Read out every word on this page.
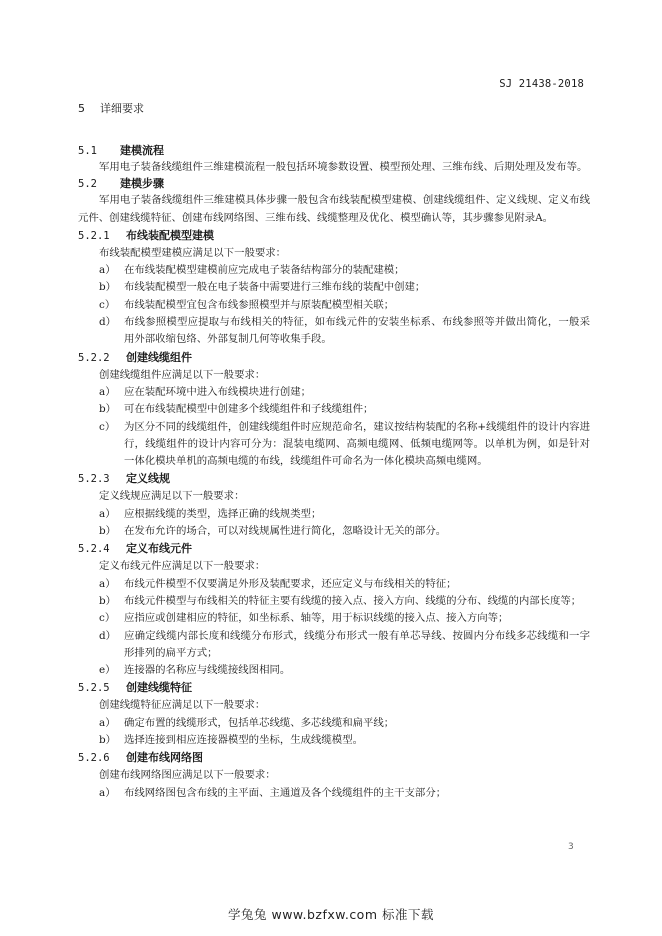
SJ 21438-2018
5 详细要求
5.1 建模流程
军用电子装备线缆组件三维建模流程一般包括环境参数设置、模型预处理、三维布线、后期处理及发布等。
5.2 建模步骤
军用电子装备线缆组件三维建模具体步骤一般包含布线装配模型建模、创建线缆组件、定义线规、定义布线元件、创建线缆特征、创建布线网络图、三维布线、线缆整理及优化、模型确认等，其步骤参见附录A。
5.2.1 布线装配模型建模
布线装配模型建模应满足以下一般要求：
a） 在布线装配模型建模前应完成电子装备结构部分的装配建模；
b） 布线装配模型一般在电子装备中需要进行三维布线的装配中创建；
c） 布线装配模型宜包含布线参照模型并与原装配模型相关联；
d） 布线参照模型应提取与布线相关的特征，如布线元件的安装坐标系、布线参照等并做出简化，一般采用外部收缩包络、外部复制几何等收集手段。
5.2.2 创建线缆组件
创建线缆组件应满足以下一般要求：
a） 应在装配环境中进入布线模块进行创建；
b） 可在布线装配模型中创建多个线缆组件和子线缆组件；
c） 为区分不同的线缆组件，创建线缆组件时应规范命名，建议按结构装配的名称+线缆组件的设计内容进行，线缆组件的设计内容可分为：混装电缆网、高频电缆网、低频电缆网等。以单机为例，如是针对一体化模块单机的高频电缆的布线，线缆组件可命名为一体化模块高频电缆网。
5.2.3 定义线规
定义线规应满足以下一般要求：
a） 应根据线缆的类型，选择正确的线规类型；
b） 在发布允许的场合，可以对线规属性进行简化，忽略设计无关的部分。
5.2.4 定义布线元件
定义布线元件应满足以下一般要求：
a） 布线元件模型不仅要满足外形及装配要求，还应定义与布线相关的特征；
b） 布线元件模型与布线相关的特征主要有线缆的接入点、接入方向、线缆的分布、线缆的内部长度等；
c） 应指应或创建相应的特征，如坐标系、轴等，用于标识线缆的接入点、接入方向等；
d） 应确定线缆内部长度和线缆分布形式，线缆分布形式一般有单芯导线、按圆内分布线多芯线缆和一字形排列的扁平方式；
e） 连接器的名称应与线缆接线图相同。
5.2.5 创建线缆特征
创建线缆特征应满足以下一般要求：
a） 确定布置的线缆形式，包括单芯线缆、多芯线缆和扁平线；
b） 选择连接到相应连接器模型的坐标，生成线缆模型。
5.2.6 创建布线网络图
创建布线网络图应满足以下一般要求：
a） 布线网络图包含布线的主平面、主通道及各个线缆组件的主干支部分；
3
学兔兔 www.bzfxw.com 标准下载
